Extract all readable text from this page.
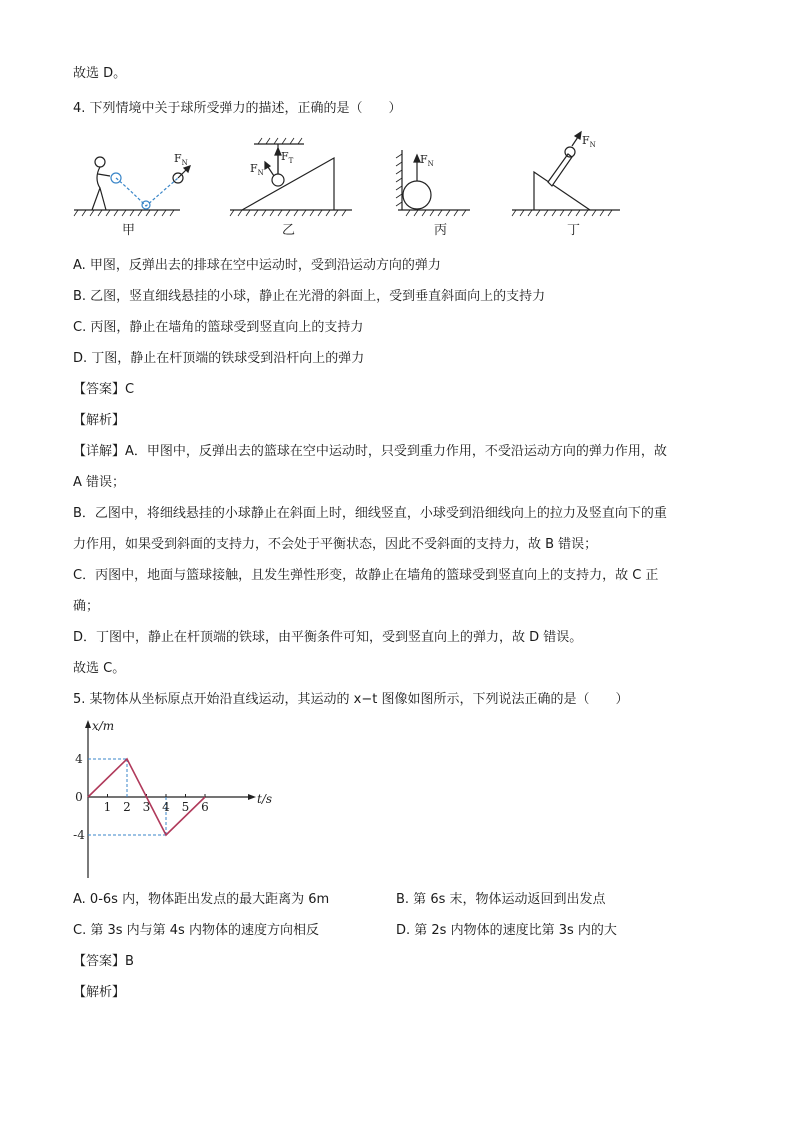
故选 D。
4. 下列情境中关于球所受弹力的描述，正确的是（　　）
$F_N$
甲
$F_T$
$F_N$
乙
$F_N$
丙
$F_N$
丁
A. 甲图，反弹出去的排球在空中运动时，受到沿运动方向的弹力
B. 乙图，竖直细线悬挂的小球，静止在光滑的斜面上，受到垂直斜面向上的支持力
C. 丙图，静止在墙角的篮球受到竖直向上的支持力
D. 丁图，静止在杆顶端的铁球受到沿杆向上的弹力
【答案】C
【解析】
【详解】A．甲图中，反弹出去的篮球在空中运动时，只受到重力作用，不受沿运动方向的弹力作用，故
A 错误；
B．乙图中，将细线悬挂的小球静止在斜面上时，细线竖直，小球受到沿细线向上的拉力及竖直向下的重
力作用，如果受到斜面的支持力，不会处于平衡状态，因此不受斜面的支持力，故 B 错误；
C．丙图中，地面与篮球接触，且发生弹性形变，故静止在墙角的篮球受到竖直向上的支持力，故 C 正
确；
D．丁图中，静止在杆顶端的铁球，由平衡条件可知，受到竖直向上的弹力，故 D 错误。
故选 C。
5. 某物体从坐标原点开始沿直线运动，其运动的 x−t 图像如图所示，下列说法正确的是（　　）
x/m
t/s
1 2 3 4 5 6
4
0
-4
A. 0-6s 内，物体距出发点的最大距离为 6m	B. 第 6s 末，物体运动返回到出发点
C. 第 3s 内与第 4s 内物体的速度方向相反	D. 第 2s 内物体的速度比第 3s 内的大
【答案】B
【解析】
